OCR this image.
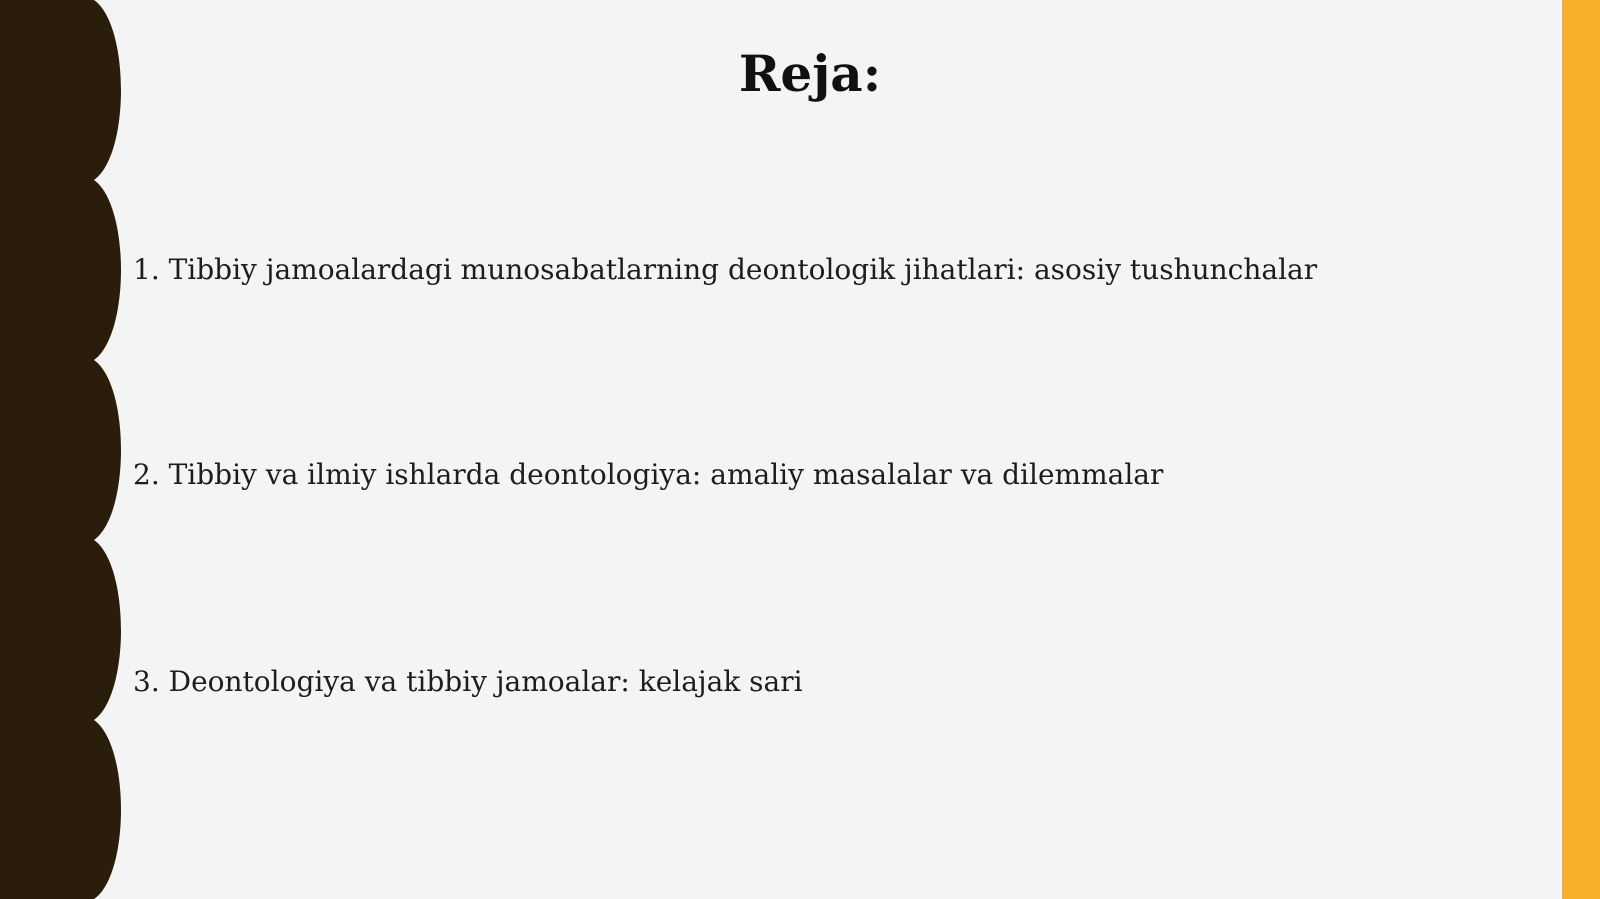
Reja:

1. Tibbiy jamoalardagi munosabatlarning deontologik jihatlari: asosiy tushunchalar

2. Tibbiy va ilmiy ishlarda deontologiya: amaliy masalalar va dilemmalar

3. Deontologiya va tibbiy jamoalar: kelajak sari
